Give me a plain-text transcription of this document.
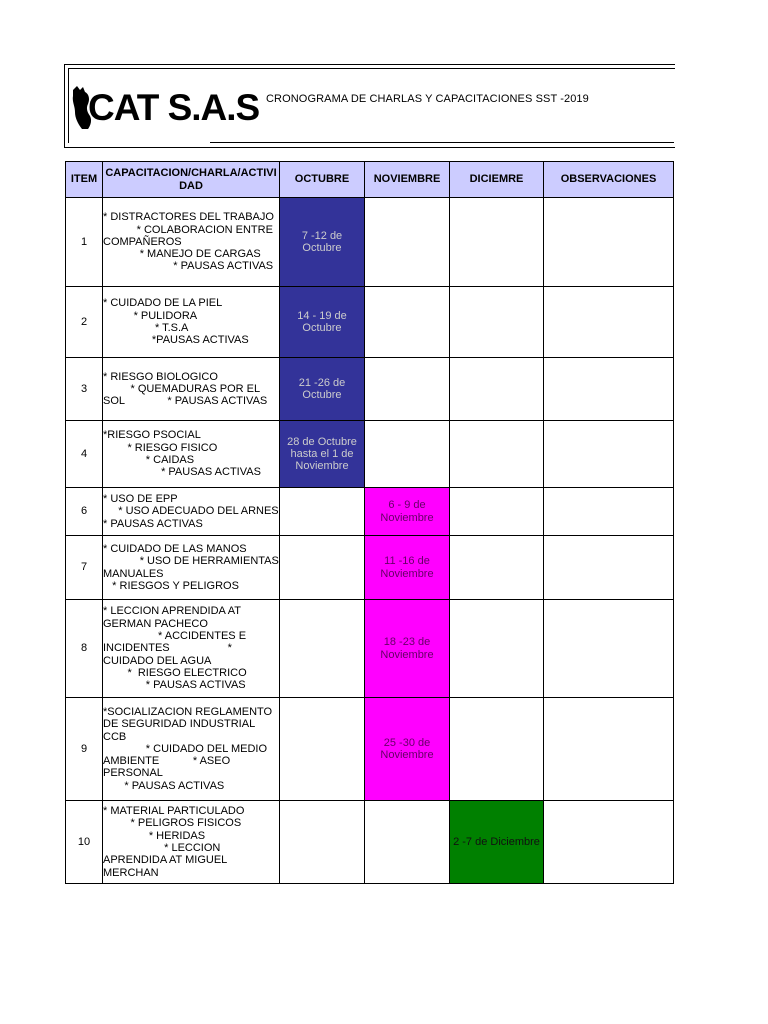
CAT S.A.S CRONOGRAMA DE CHARLAS Y CAPACITACIONES SST -2019
ITEM	CAPACITACION/CHARLA/ACTIVIDAD	OCTUBRE	NOVIEMBRE	DICIEMRE	OBSERVACIONES
1	* DISTRACTORES DEL TRABAJO
* COLABORACION ENTRE COMPAÑEROS
* MANEJO DE CARGAS
* PAUSAS ACTIVAS	7 -12 de Octubre			

2	* CUIDADO DE LA PIEL
* PULIDORA
* T.S.A
*PAUSAS ACTIVAS	14 - 19 de Octubre			

3	* RIESGO BIOLOGICO
* QUEMADURAS POR EL SOL              * PAUSAS ACTIVAS	21 -26 de Octubre			

4	*RIESGO PSOCIAL
* RIESGO FISICO
* CAIDAS
* PAUSAS ACTIVAS	28 de Octubre hasta el 1 de Noviembre			

6	* USO DE EPP
* USO ADECUADO DEL ARNES               * PAUSAS ACTIVAS		6 - 9 de Noviembre		

7	* CUIDADO DE LAS MANOS
* USO DE HERRAMIENTAS MANUALES
* RIESGOS Y PELIGROS		11 -16 de Noviembre		

8	* LECCION APRENDIDA AT GERMAN PACHECO
* ACCIDENTES E INCIDENTES                   * CUIDADO DEL AGUA
*  RIESGO ELECTRICO
* PAUSAS ACTIVAS		18 -23 de Noviembre		

9	*SOCIALIZACION REGLAMENTO DE SEGURIDAD INDUSTRIAL CCB
* CUIDADO DEL MEDIO AMBIENTE           * ASEO PERSONAL
* PAUSAS ACTIVAS		25 -30 de Noviembre		

10	* MATERIAL PARTICULADO
* PELIGROS FISICOS
* HERIDAS
* LECCION APRENDIDA AT MIGUEL MERCHAN			2 -7 de Diciembre	
